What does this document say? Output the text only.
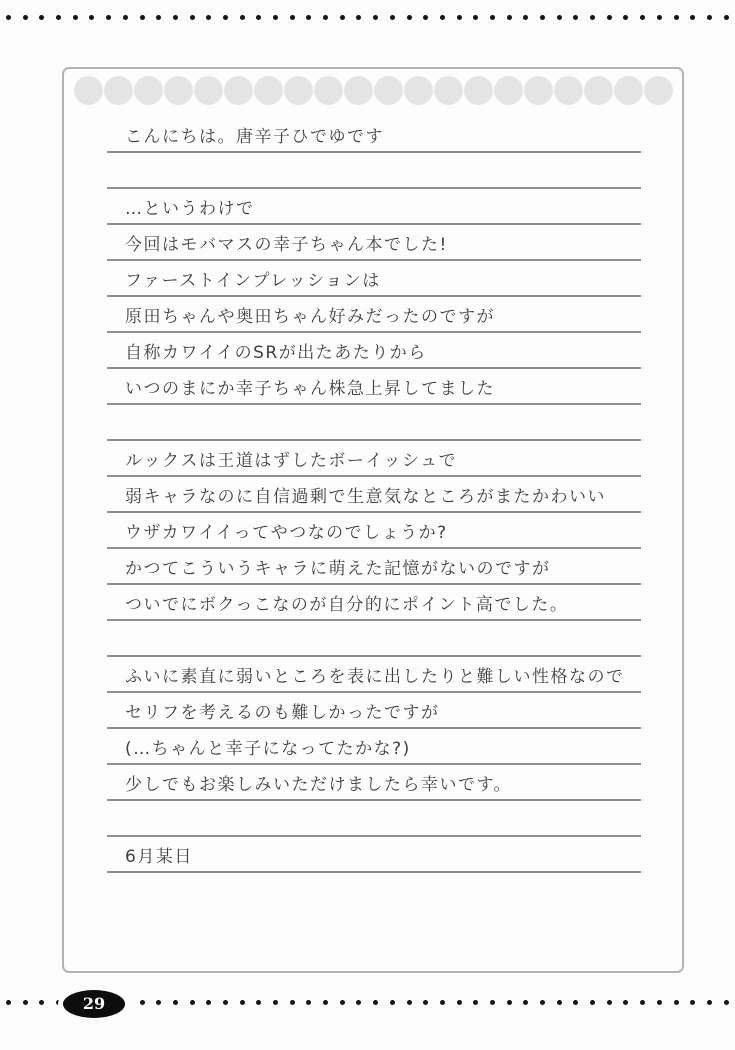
こんにちは。唐辛子ひでゆです
…というわけで
今回はモバマスの幸子ちゃん本でした!
ファーストインプレッションは
原田ちゃんや奥田ちゃん好みだったのですが
自称カワイイのSRが出たあたりから
いつのまにか幸子ちゃん株急上昇してました
ルックスは王道はずしたボーイッシュで
弱キャラなのに自信過剰で生意気なところがまたかわいい
ウザカワイイってやつなのでしょうか?
かつてこういうキャラに萌えた記憶がないのですが
ついでにボクっこなのが自分的にポイント高でした。
ふいに素直に弱いところを表に出したりと難しい性格なので
セリフを考えるのも難しかったですが
(…ちゃんと幸子になってたかな?)
少しでもお楽しみいただけましたら幸いです。
6月某日
29
